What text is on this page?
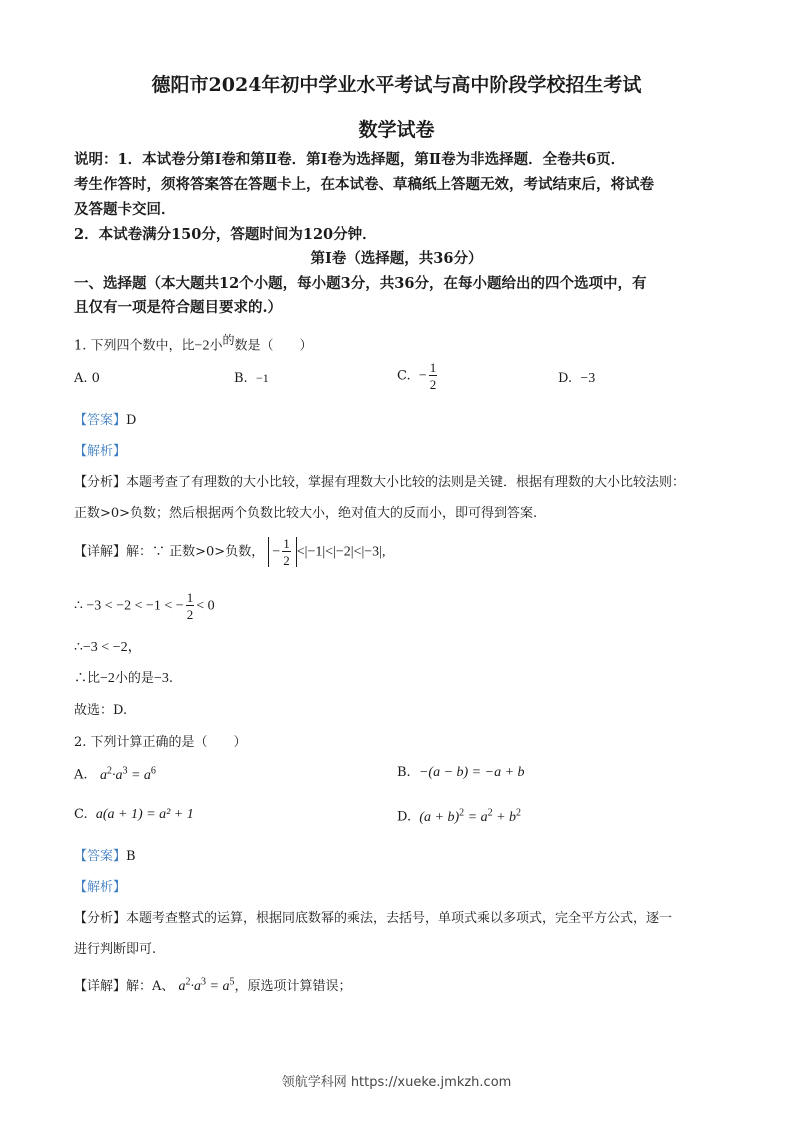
德阳市2024年初中学业水平考试与高中阶段学校招生考试
数学试卷
说明：1．本试卷分第Ⅰ卷和第Ⅱ卷．第Ⅰ卷为选择题，第Ⅱ卷为非选择题．全卷共6页．
考生作答时，须将答案答在答题卡上，在本试卷、草稿纸上答题无效，考试结束后，将试卷
及答题卡交回．
2．本试卷满分150分，答题时间为120分钟．
第Ⅰ卷（选择题，共36分）
一、选择题（本大题共12个小题，每小题3分，共36分，在每小题给出的四个选项中，有
且仅有一项是符合题目要求的.）
1. 下列四个数中，比−2小$^的$数是（　　）
A. 0	B. −1	C. − $\frac{1}{2}$	D. −3
【答案】D
【解析】
【分析】本题考查了有理数的大小比较，掌握有理数大小比较的法则是关键．根据有理数的大小比较法则：
正数>0>负数；然后根据两个负数比较大小，绝对值大的反而小，即可得到答案.
【详解】解：∵ 正数>0>负数， − $\frac{1}{2} <|-1|<|-2|<|-3|$,
∴ −3 < −2 < −1 < − $\frac{1}{2} < 0$
∴−3 < −2，
∴比−2小的是−3.
故选：D.
2. 下列计算正确的是（　　）
A. $a^2\cdot a^3 = a^6$	B. −(a − b) = −a + b
C. a(a + 1) = a² + 1	D. $(a + b)^2 = a^2 + b^2$
【答案】B
【解析】
【分析】本题考查整式的运算，根据同底数幂的乘法，去括号，单项式乘以多项式，完全平方公式，逐一
进行判断即可.
【详解】解：A、 $a^2\cdot a^3 = a^5$，原选项计算错误；
领航学科网 https://xueke.jmkzh.com
